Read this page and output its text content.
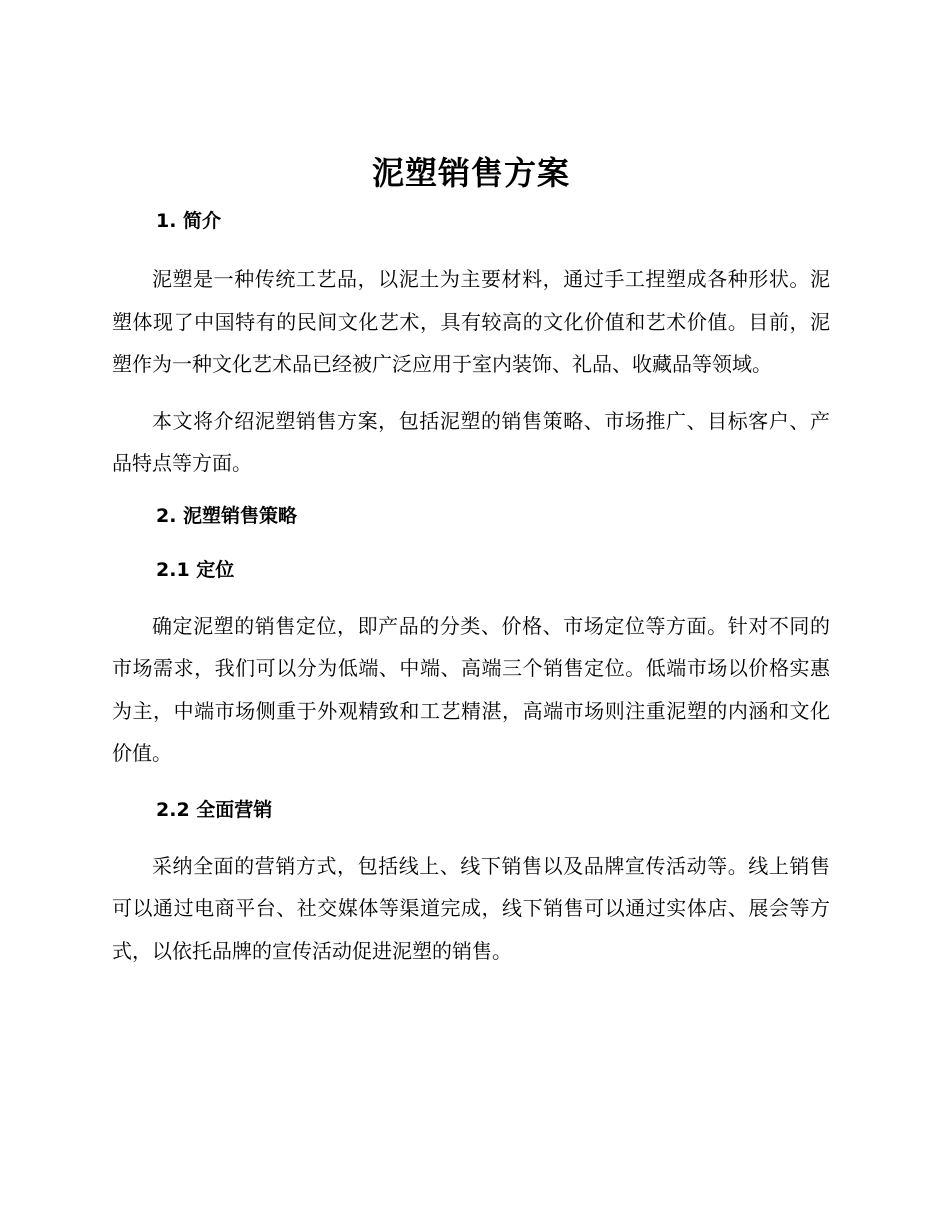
泥塑销售方案
1. 简介

泥塑是一种传统工艺品，以泥土为主要材料，通过手工捏塑成各种形状。泥塑体现了中国特有的民间文化艺术，具有较高的文化价值和艺术价值。目前，泥塑作为一种文化艺术品已经被广泛应用于室内装饰、礼品、收藏品等领域。

本文将介绍泥塑销售方案，包括泥塑的销售策略、市场推广、目标客户、产品特点等方面。

2. 泥塑销售策略
2.1 定位

确定泥塑的销售定位，即产品的分类、价格、市场定位等方面。针对不同的市场需求，我们可以分为低端、中端、高端三个销售定位。低端市场以价格实惠为主，中端市场侧重于外观精致和工艺精湛，高端市场则注重泥塑的内涵和文化价值。

2.2 全面营销

采纳全面的营销方式，包括线上、线下销售以及品牌宣传活动等。线上销售可以通过电商平台、社交媒体等渠道完成，线下销售可以通过实体店、展会等方式，以依托品牌的宣传活动促进泥塑的销售。
